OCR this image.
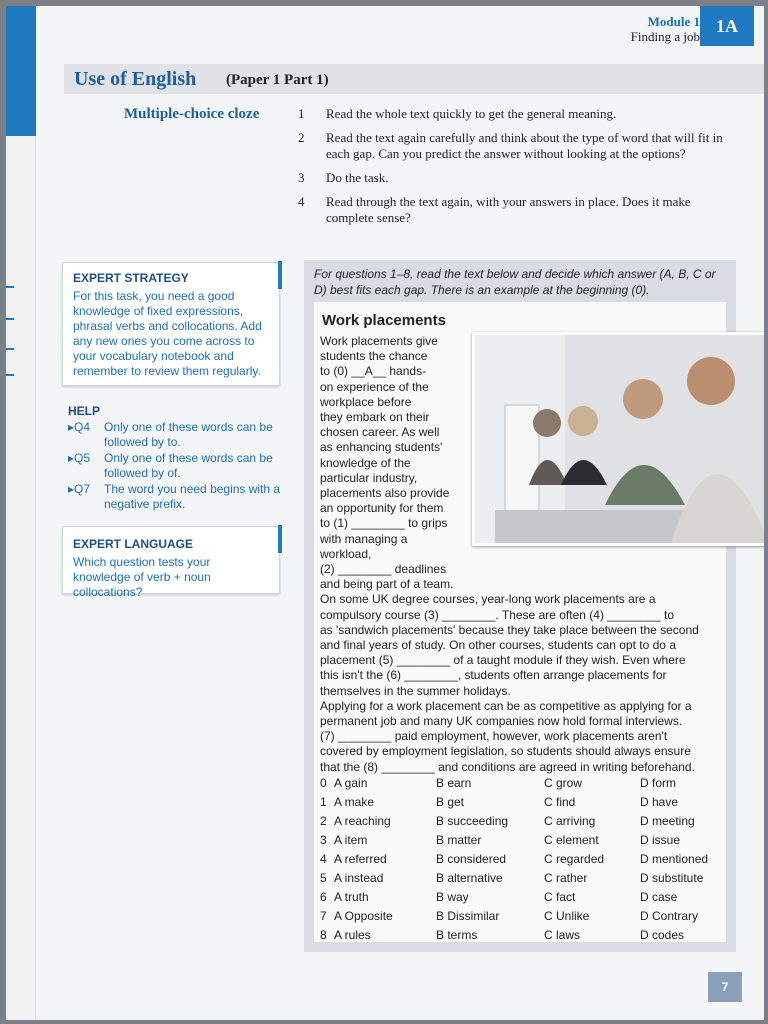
Module 1
Finding a job
1A
Use of English (Paper 1 Part 1)
Multiple-choice cloze	1	Read the whole text quickly to get the general meaning.
2	Read the text again carefully and think about the type of word that will fit in each gap. Can you predict the answer without looking at the options?
3	Do the task.
4	Read through the text again, with your answers in place. Does it make complete sense?
EXPERT STRATEGY
For this task, you need a good knowledge of fixed expressions, phrasal verbs and collocations. Add any new ones you come across to your vocabulary notebook and remember to review them regularly.
HELP
▸ Q4	Only one of these words can be followed by to.
▸ Q5	Only one of these words can be followed by of.
▸ Q7	The word you need begins with a negative prefix.
EXPERT LANGUAGE
Which question tests your knowledge of verb + noun collocations?
For questions 1–8, read the text below and decide which answer (A, B, C or D) best fits each gap. There is an example at the beginning (0).
Work placements
Work placements give
students the chance
to (0) __A__ hands-
on experience of the
workplace before
they embark on their
chosen career. As well
as enhancing students'
knowledge of the
particular industry,
placements also provide
an opportunity for them
to (1) ________ to grips
with managing a workload,
(2) ________ deadlines
and being part of a team.
On some UK degree courses, year-long work placements are a
compulsory course (3) ________. These are often (4) ________ to
as 'sandwich placements' because they take place between the second
and final years of study. On other courses, students can opt to do a
placement (5) ________ of a taught module if they wish. Even where
this isn't the (6) ________, students often arrange placements for
themselves in the summer holidays.
Applying for a work placement can be as competitive as applying for a
permanent job and many UK companies now hold formal interviews.
(7) ________ paid employment, however, work placements aren't
covered by employment legislation, so students should always ensure
that the (8) ________ and conditions are agreed in writing beforehand.
0 A gain	B earn	C grow	D form
1 A make	B get	C find	D have
2 A reaching	B succeeding	C arriving	D meeting
3 A item	B matter	C element	D issue
4 A referred	B considered	C regarded	D mentioned
5 A instead	B alternative	C rather	D substitute
6 A truth	B way	C fact	D case
7 A Opposite	B Dissimilar	C Unlike	D Contrary
8 A rules	B terms	C laws	D codes
7
